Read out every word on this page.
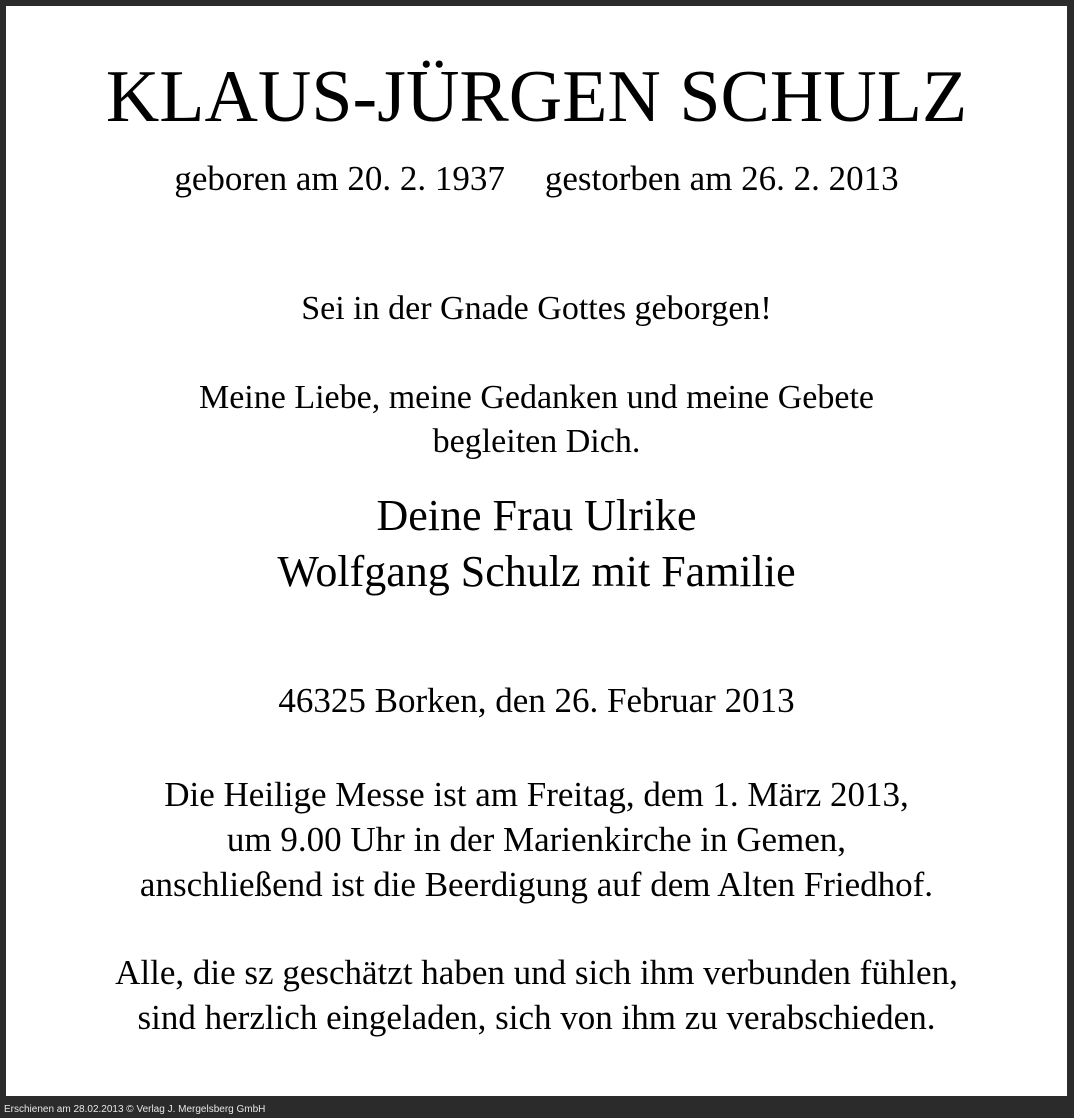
KLAUS-JÜRGEN SCHULZ
geboren am 20. 2. 1937 gestorben am 26. 2. 2013
Sei in der Gnade Gottes geborgen!
Meine Liebe, meine Gedanken und meine Gebete
begleiten Dich.
Deine Frau Ulrike
Wolfgang Schulz mit Familie
46325 Borken, den 26. Februar 2013
Die Heilige Messe ist am Freitag, dem 1. März 2013,
um 9.00 Uhr in der Marienkirche in Gemen,
anschließend ist die Beerdigung auf dem Alten Friedhof.
Alle, die sz geschätzt haben und sich ihm verbunden fühlen,
sind herzlich eingeladen, sich von ihm zu verabschieden.
Erschienen am 28.02.2013 © Verlag J. Mergelsberg GmbH
